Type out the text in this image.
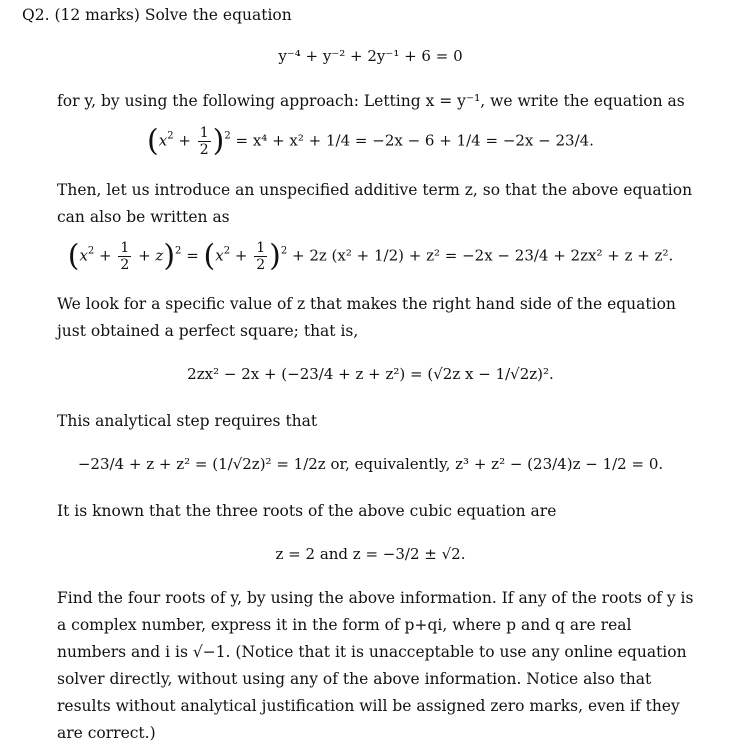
Q2. (12 marks) Solve the equation
y⁻⁴ + y⁻² + 2y⁻¹ + 6 = 0
for y, by using the following approach: Letting x = y⁻¹, we write the equation as
$(x^2 + \frac{1}{2} )^2 = x^4 + x^2 + 1/4 = -2x - 6 + 1/4 = -2x - 23/4$.
Then, let us introduce an unspecified additive term z, so that the above equation can also be written as
$(x^2 + \frac{1}{2} + z)^2 = (x^2 + \frac{1}{2} )^2 + 2z$ (x² + 1/2) + z² = −2x − 23/4 + 2zx² + z + z².
We look for a specific value of z that makes the right hand side of the equation just obtained a perfect square; that is,
2zx² − 2x + (−23/4 + z + z²) = (√2z x − 1/√2z)².
This analytical step requires that
−23/4 + z + z² = (1/√2z)² = 1/2z or, equivalently, z³ + z² − (23/4)z − 1/2 = 0.
It is known that the three roots of the above cubic equation are
z = 2 and z = −3/2 ± √2.
Find the four roots of y, by using the above information. If any of the roots of y is a complex number, express it in the form of p+qi, where p and q are real numbers and i is √−1. (Notice that it is unacceptable to use any online equation solver directly, without using any of the above information. Notice also that results without analytical justification will be assigned zero marks, even if they are correct.)
